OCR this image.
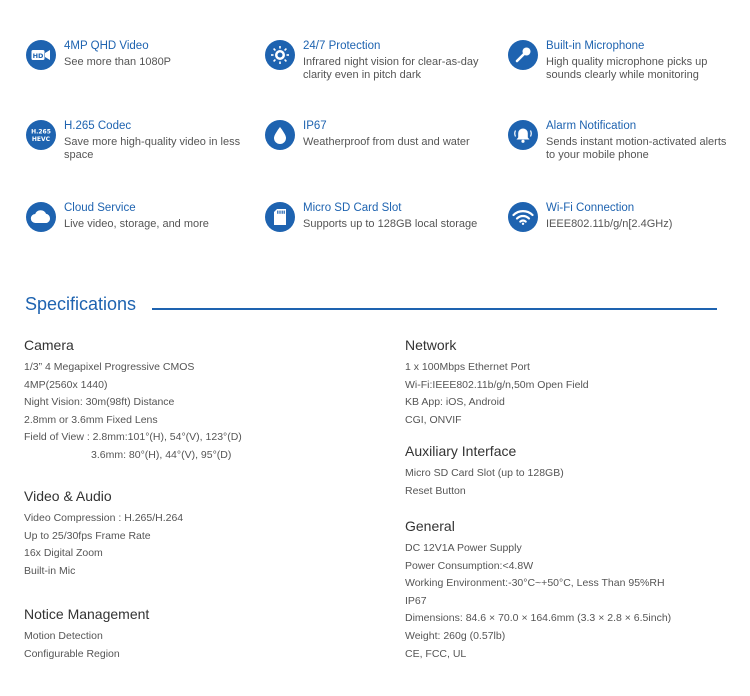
HD
4MP QHD Video
See more than 1080P
24/7 Protection
Infrared night vision for clear-as-day clarity even in pitch dark
Built-in Microphone
High quality microphone picks up sounds clearly while monitoring
H.265
HEVC
H.265 Codec
Save more high-quality video in less space
IP67
Weatherproof from dust and water
Alarm Notification
Sends instant motion-activated alerts to your mobile phone
Cloud Service
Live video, storage, and more
Micro SD Card Slot
Supports up to 128GB local storage
Wi-Fi Connection
IEEE802.11b/g/n[2.4GHz)
Specifications
Camera
1/3” 4 Megapixel Progressive CMOS
4MP(2560x 1440)
Night Vision: 30m(98ft) Distance
2.8mm or 3.6mm Fixed Lens
Field of View : 2.8mm:101°(H), 54°(V), 123°(D)
3.6mm: 80°(H), 44°(V), 95°(D)
Video & Audio
Video Compression : H.265/H.264
Up to 25/30fps Frame Rate
16x Digital Zoom
Built-in Mic
Notice Management
Motion Detection
Configurable Region
Network
1 x 100Mbps Ethernet Port
Wi-Fi:IEEE802.11b/g/n,50m Open Field
KB App: iOS, Android
CGI, ONVIF
Auxiliary Interface
Micro SD Card Slot (up to 128GB)
Reset Button
General
DC 12V1A Power Supply
Power Consumption:<4.8W
Working Environment:-30°C~+50°C, Less Than 95%RH
IP67
Dimensions: 84.6 × 70.0 × 164.6mm (3.3 × 2.8 × 6.5inch)
Weight: 260g (0.57lb)
CE, FCC, UL
